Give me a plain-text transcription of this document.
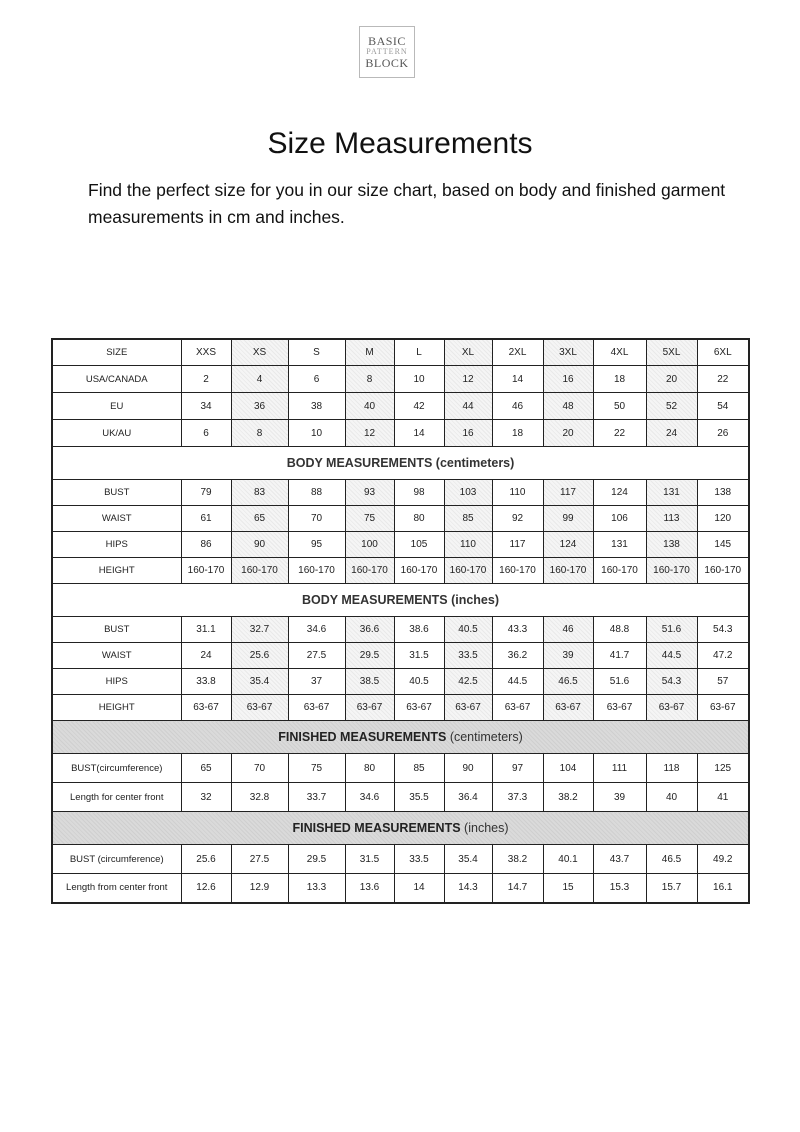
BASIC
PATTERN
BLOCK
Size Measurements
Find the perfect size for you in our size chart, based on body and finished garment measurements in cm and inches.
SIZE	XXS	XS	S	M	L	XL	2XL	3XL	4XL	5XL	6XL
USA/CANADA	2	4	6	8	10	12	14	16	18	20	22
EU	34	36	38	40	42	44	46	48	50	52	54
UK/AU	6	8	10	12	14	16	18	20	22	24	26
BODY MEASUREMENTS (centimeters)											
BUST	79	83	88	93	98	103	110	117	124	131	138
WAIST	61	65	70	75	80	85	92	99	106	113	120
HIPS	86	90	95	100	105	110	117	124	131	138	145
HEIGHT	160-170	160-170	160-170	160-170	160-170	160-170	160-170	160-170	160-170	160-170	160-170
BODY MEASUREMENTS (inches)											
BUST	31.1	32.7	34.6	36.6	38.6	40.5	43.3	46	48.8	51.6	54.3
WAIST	24	25.6	27.5	29.5	31.5	33.5	36.2	39	41.7	44.5	47.2
HIPS	33.8	35.4	37	38.5	40.5	42.5	44.5	46.5	51.6	54.3	57
HEIGHT	63-67	63-67	63-67	63-67	63-67	63-67	63-67	63-67	63-67	63-67	63-67
FINISHED MEASUREMENTS (centimeters)											
BUST(circumference)	65	70	75	80	85	90	97	104	111	118	125
Length for center front	32	32.8	33.7	34.6	35.5	36.4	37.3	38.2	39	40	41
FINISHED MEASUREMENTS (inches)											
BUST (circumference)	25.6	27.5	29.5	31.5	33.5	35.4	38.2	40.1	43.7	46.5	49.2
Length from center front	12.6	12.9	13.3	13.6	14	14.3	14.7	15	15.3	15.7	16.1
